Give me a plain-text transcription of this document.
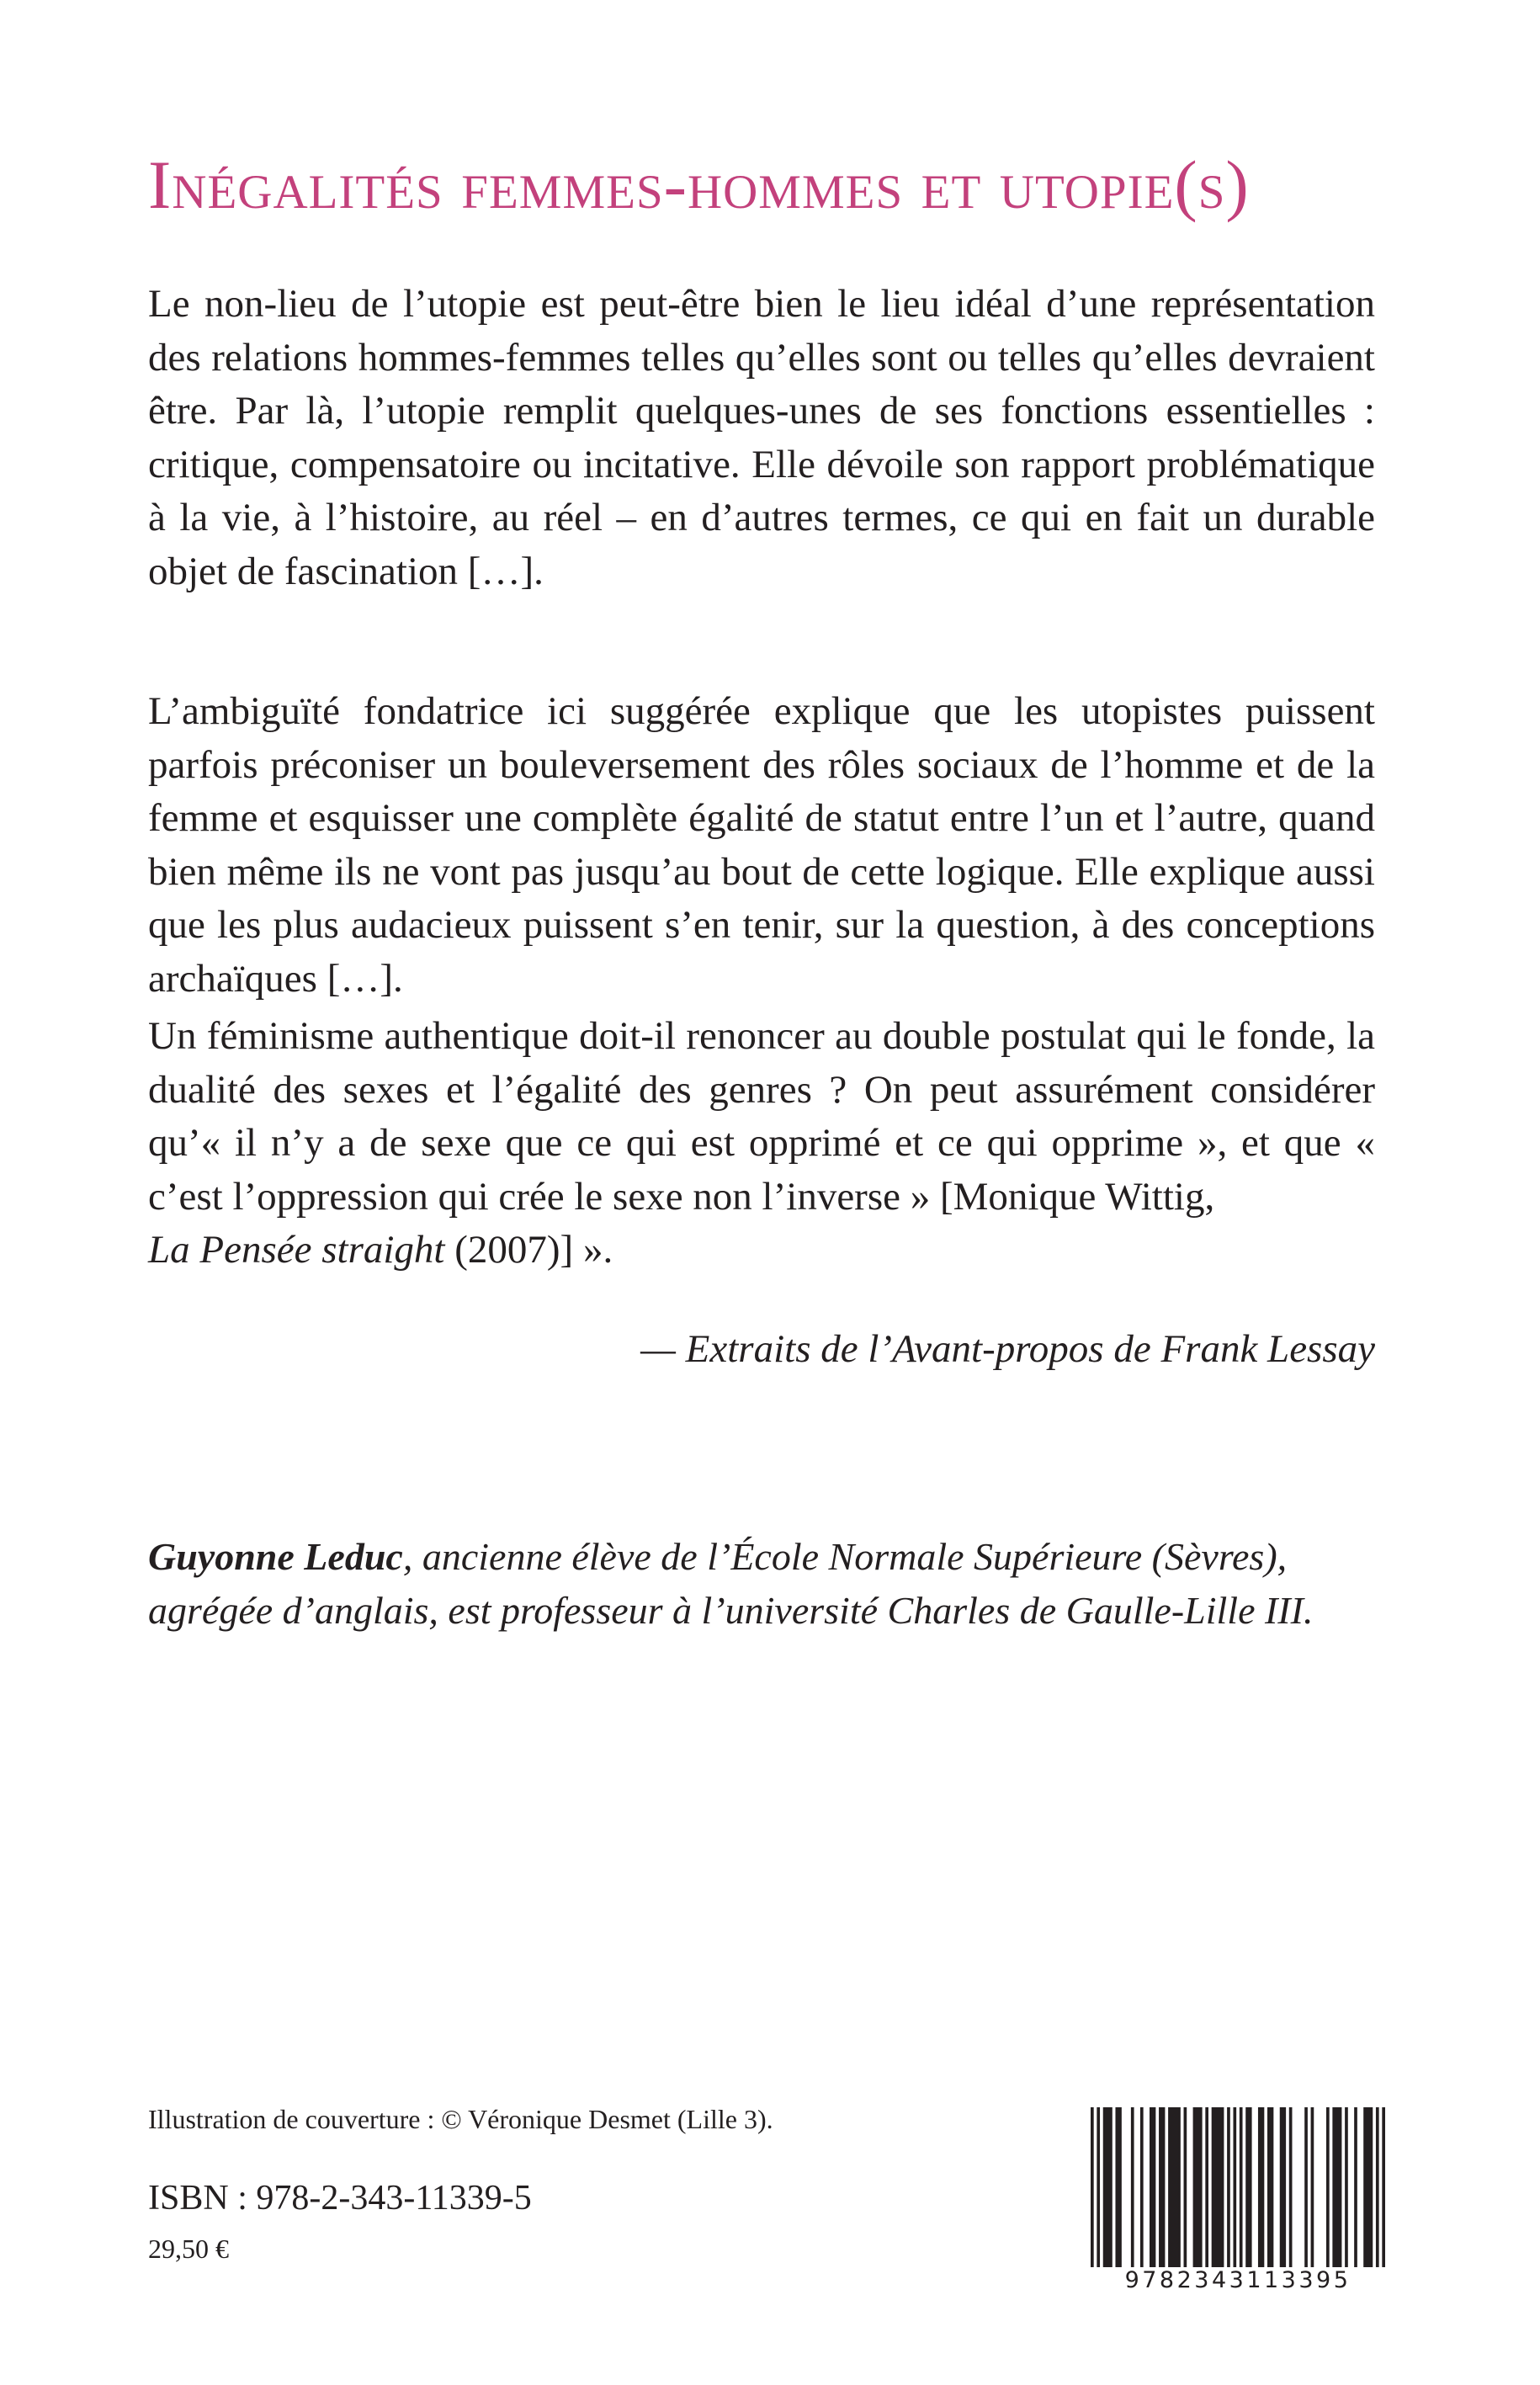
Inégalités femmes-hommes et utopie(s)

Le non-lieu de l’utopie est peut-être bien le lieu idéal d’une représentation des relations hommes-femmes telles qu’elles sont ou telles qu’elles devraient être. Par là, l’utopie remplit quelques-unes de ses fonctions essentielles : critique, compensatoire ou incitative. Elle dévoile son rapport problématique à la vie, à l’histoire, au réel – en d’autres termes, ce qui en fait un durable objet de fascination […].

L’ambiguïté fondatrice ici suggérée explique que les utopistes puissent parfois préconiser un bouleversement des rôles sociaux de l’homme et de la femme et esquisser une complète égalité de statut entre l’un et l’autre, quand bien même ils ne vont pas jusqu’au bout de cette logique. Elle explique aussi que les plus audacieux puissent s’en tenir, sur la question, à des conceptions archaïques […].

Un féminisme authentique doit-il renoncer au double postulat qui le fonde, la dualité des sexes et l’égalité des genres ? On peut assurément considérer qu’« il n’y a de sexe que ce qui est opprimé et ce qui opprime », et que « c’est l’oppression qui crée le sexe non l’inverse » [Monique Wittig,
La Pensée straight (2007)] ».

— Extraits de l’Avant-propos de Frank Lessay

Guyonne Leduc, ancienne élève de l’École Normale Supérieure (Sèvres), agrégée d’anglais, est professeur à l’université Charles de Gaulle-Lille III.

Illustration de couverture : © Véronique Desmet (Lille 3).

ISBN : 978-2-343-11339-5

29,50 €

9782343113395
